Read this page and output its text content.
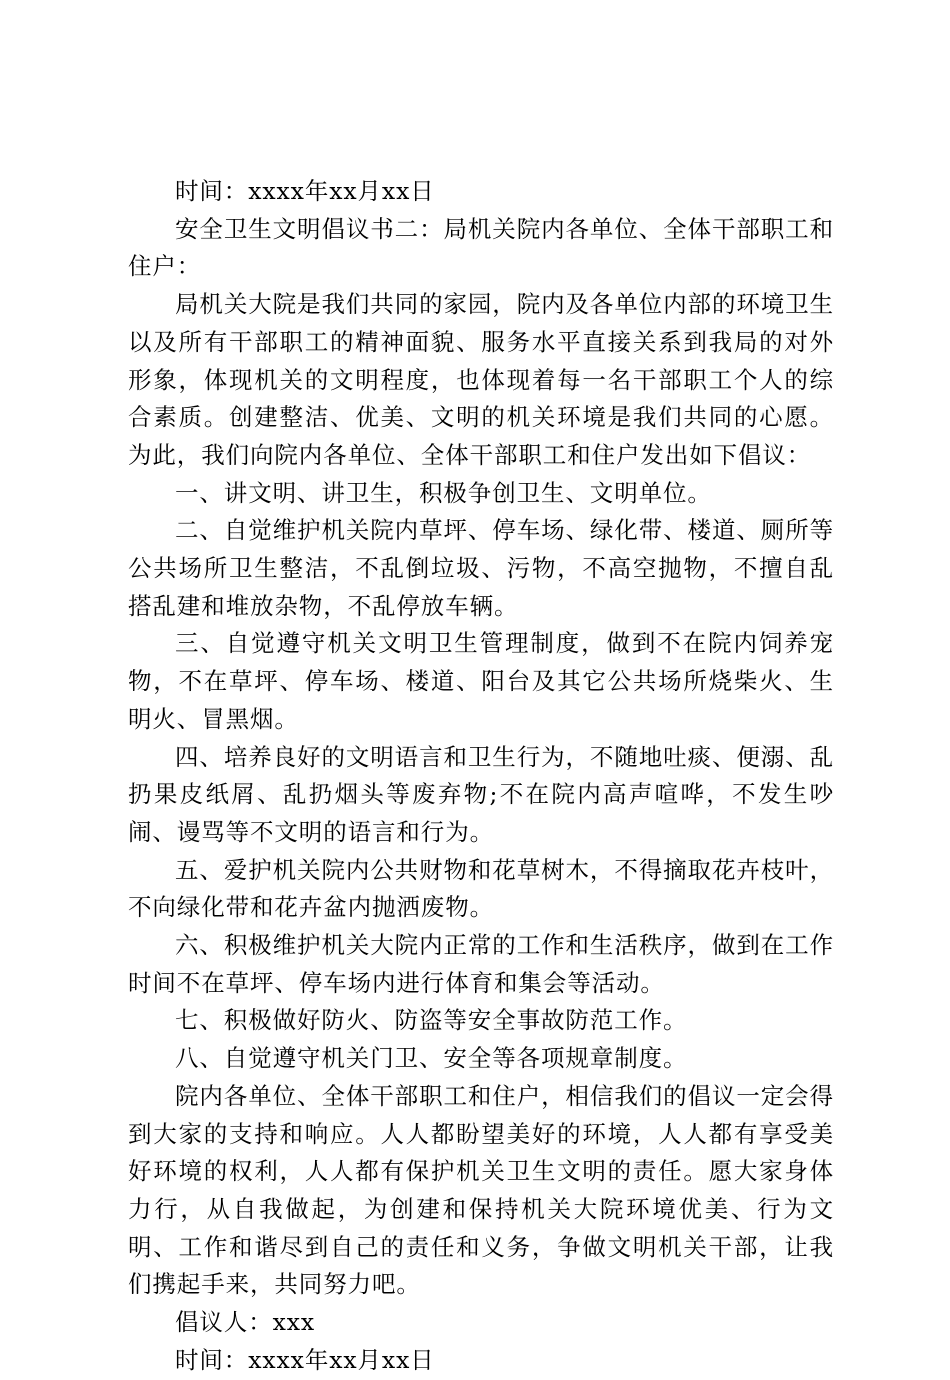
时间：xxxx年xx月xx日

安全卫生文明倡议书二：局机关院内各单位、全体干部职工和住户：

局机关大院是我们共同的家园，院内及各单位内部的环境卫生以及所有干部职工的精神面貌、服务水平直接关系到我局的对外形象，体现机关的文明程度，也体现着每一名干部职工个人的综合素质。创建整洁、优美、文明的机关环境是我们共同的心愿。为此，我们向院内各单位、全体干部职工和住户发出如下倡议：

一、讲文明、讲卫生，积极争创卫生、文明单位。

二、自觉维护机关院内草坪、停车场、绿化带、楼道、厕所等公共场所卫生整洁，不乱倒垃圾、污物，不高空抛物，不擅自乱搭乱建和堆放杂物，不乱停放车辆。

三、自觉遵守机关文明卫生管理制度，做到不在院内饲养宠物，不在草坪、停车场、楼道、阳台及其它公共场所烧柴火、生明火、冒黑烟。

四、培养良好的文明语言和卫生行为，不随地吐痰、便溺、乱扔果皮纸屑、乱扔烟头等废弃物;不在院内高声喧哗，不发生吵闹、谩骂等不文明的语言和行为。

五、爱护机关院内公共财物和花草树木，不得摘取花卉枝叶，不向绿化带和花卉盆内抛洒废物。

六、积极维护机关大院内正常的工作和生活秩序，做到在工作时间不在草坪、停车场内进行体育和集会等活动。

七、积极做好防火、防盗等安全事故防范工作。

八、自觉遵守机关门卫、安全等各项规章制度。

院内各单位、全体干部职工和住户，相信我们的倡议一定会得到大家的支持和响应。人人都盼望美好的环境，人人都有享受美好环境的权利，人人都有保护机关卫生文明的责任。愿大家身体力行，从自我做起，为创建和保持机关大院环境优美、行为文明、工作和谐尽到自己的责任和义务，争做文明机关干部，让我们携起手来，共同努力吧。

倡议人：xxx

时间：xxxx年xx月xx日
